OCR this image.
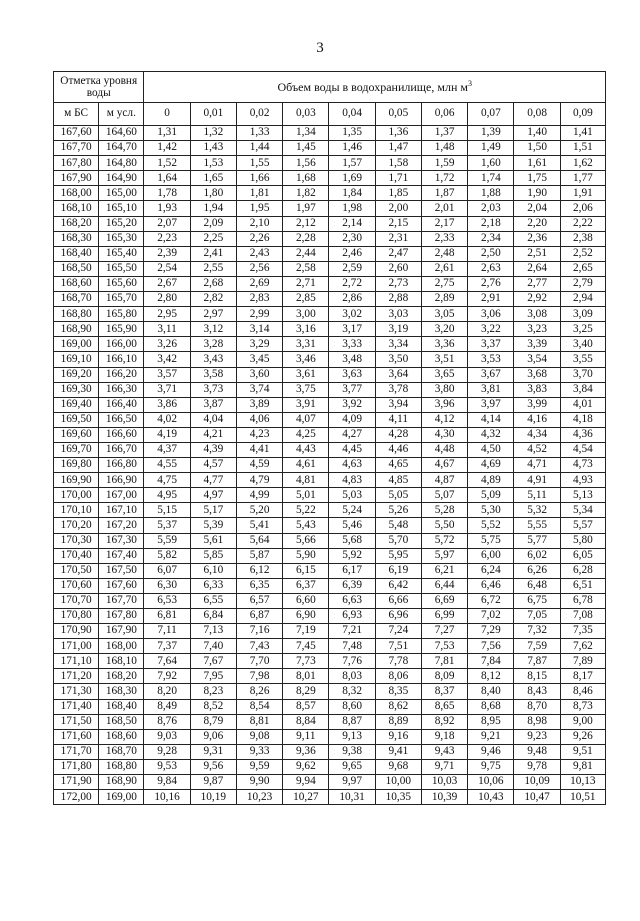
3
Отметка уровня воды		Объем воды в водохранилище, млн $м^3$
м БС	м усл.	0	0,01	0,02	0,03	0,04	0,05	0,06	0,07	0,08	0,09
167,60	164,60	1,31	1,32	1,33	1,34	1,35	1,36	1,37	1,39	1,40	1,41
167,70	164,70	1,42	1,43	1,44	1,45	1,46	1,47	1,48	1,49	1,50	1,51
167,80	164,80	1,52	1,53	1,55	1,56	1,57	1,58	1,59	1,60	1,61	1,62
167,90	164,90	1,64	1,65	1,66	1,68	1,69	1,71	1,72	1,74	1,75	1,77
168,00	165,00	1,78	1,80	1,81	1,82	1,84	1,85	1,87	1,88	1,90	1,91
168,10	165,10	1,93	1,94	1,95	1,97	1,98	2,00	2,01	2,03	2,04	2,06
168,20	165,20	2,07	2,09	2,10	2,12	2,14	2,15	2,17	2,18	2,20	2,22
168,30	165,30	2,23	2,25	2,26	2,28	2,30	2,31	2,33	2,34	2,36	2,38
168,40	165,40	2,39	2,41	2,43	2,44	2,46	2,47	2,48	2,50	2,51	2,52
168,50	165,50	2,54	2,55	2,56	2,58	2,59	2,60	2,61	2,63	2,64	2,65
168,60	165,60	2,67	2,68	2,69	2,71	2,72	2,73	2,75	2,76	2,77	2,79
168,70	165,70	2,80	2,82	2,83	2,85	2,86	2,88	2,89	2,91	2,92	2,94
168,80	165,80	2,95	2,97	2,99	3,00	3,02	3,03	3,05	3,06	3,08	3,09
168,90	165,90	3,11	3,12	3,14	3,16	3,17	3,19	3,20	3,22	3,23	3,25
169,00	166,00	3,26	3,28	3,29	3,31	3,33	3,34	3,36	3,37	3,39	3,40
169,10	166,10	3,42	3,43	3,45	3,46	3,48	3,50	3,51	3,53	3,54	3,55
169,20	166,20	3,57	3,58	3,60	3,61	3,63	3,64	3,65	3,67	3,68	3,70
169,30	166,30	3,71	3,73	3,74	3,75	3,77	3,78	3,80	3,81	3,83	3,84
169,40	166,40	3,86	3,87	3,89	3,91	3,92	3,94	3,96	3,97	3,99	4,01
169,50	166,50	4,02	4,04	4,06	4,07	4,09	4,11	4,12	4,14	4,16	4,18
169,60	166,60	4,19	4,21	4,23	4,25	4,27	4,28	4,30	4,32	4,34	4,36
169,70	166,70	4,37	4,39	4,41	4,43	4,45	4,46	4,48	4,50	4,52	4,54
169,80	166,80	4,55	4,57	4,59	4,61	4,63	4,65	4,67	4,69	4,71	4,73
169,90	166,90	4,75	4,77	4,79	4,81	4,83	4,85	4,87	4,89	4,91	4,93
170,00	167,00	4,95	4,97	4,99	5,01	5,03	5,05	5,07	5,09	5,11	5,13
170,10	167,10	5,15	5,17	5,20	5,22	5,24	5,26	5,28	5,30	5,32	5,34
170,20	167,20	5,37	5,39	5,41	5,43	5,46	5,48	5,50	5,52	5,55	5,57
170,30	167,30	5,59	5,61	5,64	5,66	5,68	5,70	5,72	5,75	5,77	5,80
170,40	167,40	5,82	5,85	5,87	5,90	5,92	5,95	5,97	6,00	6,02	6,05
170,50	167,50	6,07	6,10	6,12	6,15	6,17	6,19	6,21	6,24	6,26	6,28
170,60	167,60	6,30	6,33	6,35	6,37	6,39	6,42	6,44	6,46	6,48	6,51
170,70	167,70	6,53	6,55	6,57	6,60	6,63	6,66	6,69	6,72	6,75	6,78
170,80	167,80	6,81	6,84	6,87	6,90	6,93	6,96	6,99	7,02	7,05	7,08
170,90	167,90	7,11	7,13	7,16	7,19	7,21	7,24	7,27	7,29	7,32	7,35
171,00	168,00	7,37	7,40	7,43	7,45	7,48	7,51	7,53	7,56	7,59	7,62
171,10	168,10	7,64	7,67	7,70	7,73	7,76	7,78	7,81	7,84	7,87	7,89
171,20	168,20	7,92	7,95	7,98	8,01	8,03	8,06	8,09	8,12	8,15	8,17
171,30	168,30	8,20	8,23	8,26	8,29	8,32	8,35	8,37	8,40	8,43	8,46
171,40	168,40	8,49	8,52	8,54	8,57	8,60	8,62	8,65	8,68	8,70	8,73
171,50	168,50	8,76	8,79	8,81	8,84	8,87	8,89	8,92	8,95	8,98	9,00
171,60	168,60	9,03	9,06	9,08	9,11	9,13	9,16	9,18	9,21	9,23	9,26
171,70	168,70	9,28	9,31	9,33	9,36	9,38	9,41	9,43	9,46	9,48	9,51
171,80	168,80	9,53	9,56	9,59	9,62	9,65	9,68	9,71	9,75	9,78	9,81
171,90	168,90	9,84	9,87	9,90	9,94	9,97	10,00	10,03	10,06	10,09	10,13
172,00	169,00	10,16	10,19	10,23	10,27	10,31	10,35	10,39	10,43	10,47	10,51
